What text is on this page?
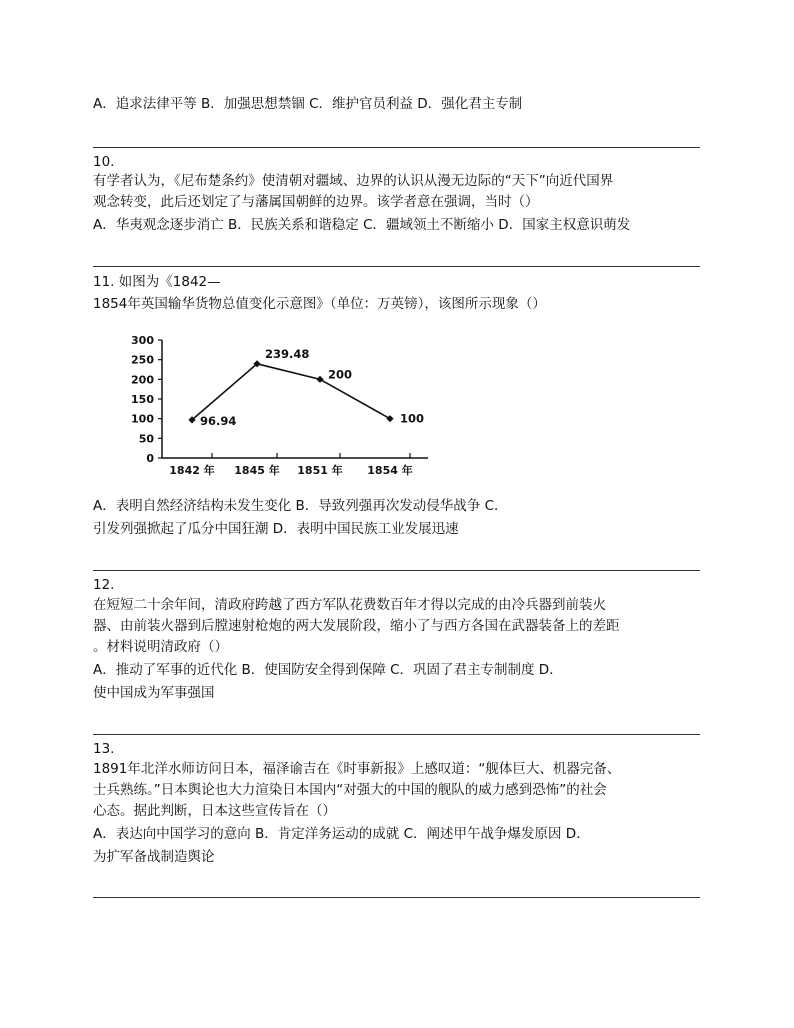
A．追求法律平等 B．加强思想禁锢 C．维护官员利益 D．强化君主专制
10.
有学者认为，《尼布楚条约》使清朝对疆域、边界的认识从漫无边际的“天下”向近代国界
观念转变，此后还划定了与藩属国朝鲜的边界。该学者意在强调，当时（）
A．华夷观念逐步消亡 B．民族关系和谐稳定 C．疆域领土不断缩小 D．国家主权意识萌发
11. 如图为《1842—
1854年英国输华货物总值变化示意图》（单位：万英镑），该图所示现象（）
0
50
100
150
200
250
300
1842 年 1845 年 1851 年 1854 年
96.94
239.48
200
100
A．表明自然经济结构未发生变化 B．导致列强再次发动侵华战争 C．
引发列强掀起了瓜分中国狂潮 D．表明中国民族工业发展迅速
12.
在短短二十余年间，清政府跨越了西方军队花费数百年才得以完成的由冷兵器到前装火
器、由前装火器到后膛速射枪炮的两大发展阶段，缩小了与西方各国在武器装备上的差距
。材料说明清政府（）
A．推动了军事的近代化 B．使国防安全得到保障 C．巩固了君主专制制度 D．
使中国成为军事强国
13.
1891年北洋水师访问日本，福泽谕吉在《时事新报》上感叹道：“舰体巨大、机器完备、
士兵熟练。”日本舆论也大力渲染日本国内“对强大的中国的舰队的威力感到恐怖”的社会
心态。据此判断，日本这些宣传旨在（）
A．表达向中国学习的意向 B．肯定洋务运动的成就 C．阐述甲午战争爆发原因 D．
为扩军备战制造舆论
